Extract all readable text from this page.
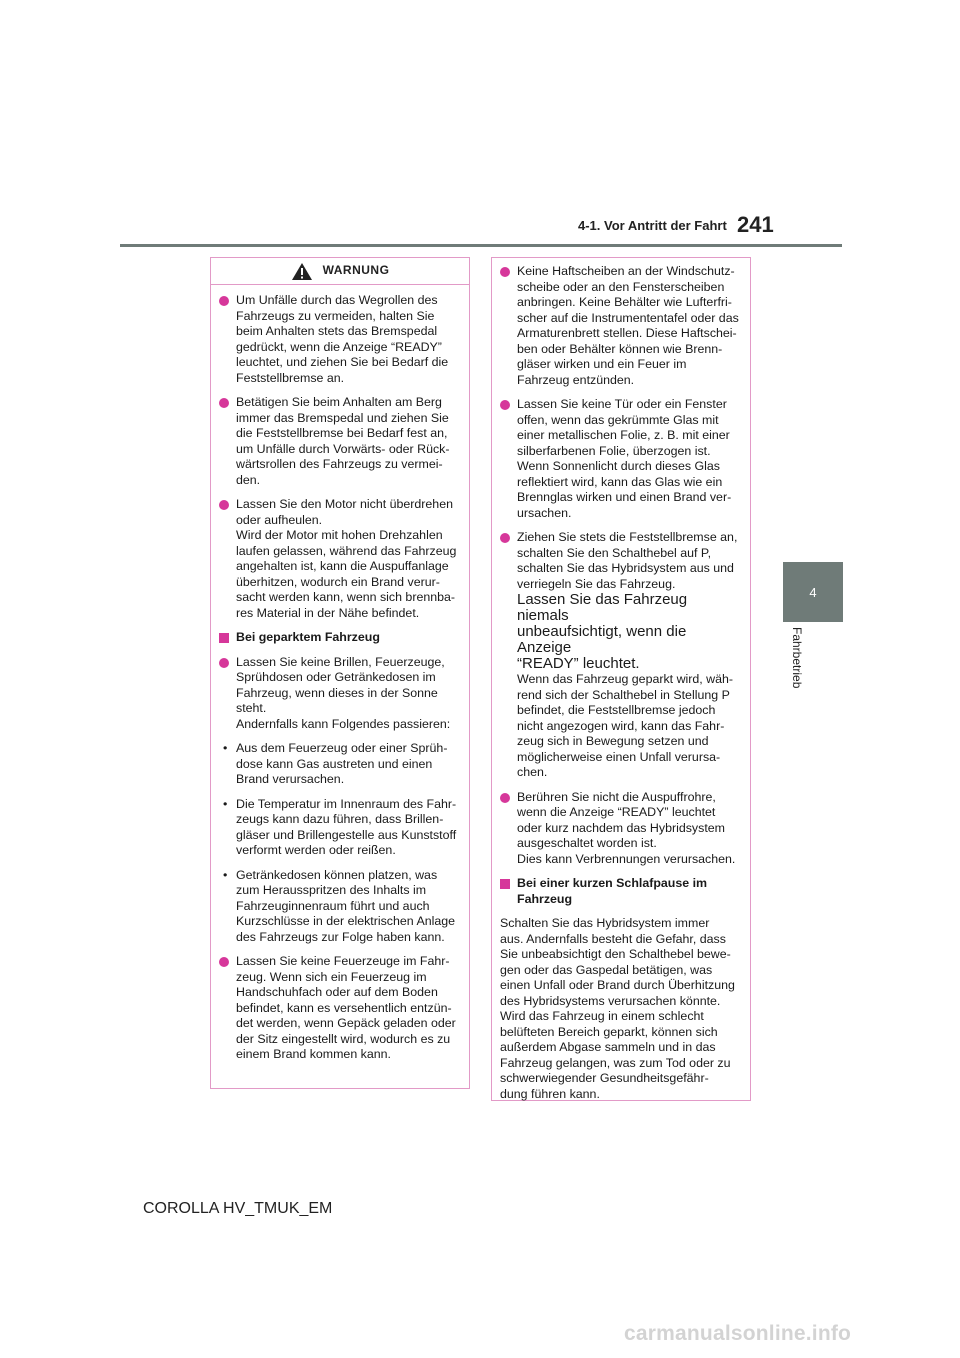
4-1. Vor Antritt der Fahrt 241
4
Fahrbetrieb
WARNUNG
Um Unfälle durch das Wegrollen des
Fahrzeugs zu vermeiden, halten Sie
beim Anhalten stets das Bremspedal
gedrückt, wenn die Anzeige “READY”
leuchtet, und ziehen Sie bei Bedarf die
Feststellbremse an.
Betätigen Sie beim Anhalten am Berg
immer das Bremspedal und ziehen Sie
die Feststellbremse bei Bedarf fest an,
um Unfälle durch Vorwärts- oder Rück-
wärtsrollen des Fahrzeugs zu vermei-
den.
Lassen Sie den Motor nicht überdrehen
oder aufheulen.
Wird der Motor mit hohen Drehzahlen
laufen gelassen, während das Fahrzeug
angehalten ist, kann die Auspuffanlage
überhitzen, wodurch ein Brand verur-
sacht werden kann, wenn sich brennba-
res Material in der Nähe befindet.
Bei geparktem Fahrzeug
Lassen Sie keine Brillen, Feuerzeuge,
Sprühdosen oder Getränkedosen im
Fahrzeug, wenn dieses in der Sonne
steht.
Andernfalls kann Folgendes passieren:
• Aus dem Feuerzeug oder einer Sprüh-
dose kann Gas austreten und einen
Brand verursachen.
• Die Temperatur im Innenraum des Fahr-
zeugs kann dazu führen, dass Brillen-
gläser und Brillengestelle aus Kunststoff
verformt werden oder reißen.
• Getränkedosen können platzen, was
zum Herausspritzen des Inhalts im
Fahrzeuginnenraum führt und auch
Kurzschlüsse in der elektrischen Anlage
des Fahrzeugs zur Folge haben kann.
Lassen Sie keine Feuerzeuge im Fahr-
zeug. Wenn sich ein Feuerzeug im
Handschuhfach oder auf dem Boden
befindet, kann es versehentlich entzün-
det werden, wenn Gepäck geladen oder
der Sitz eingestellt wird, wodurch es zu
einem Brand kommen kann.
Keine Haftscheiben an der Windschutz-
scheibe oder an den Fensterscheiben
anbringen. Keine Behälter wie Lufterfri-
scher auf die Instrumententafel oder das
Armaturenbrett stellen. Diese Haftschei-
ben oder Behälter können wie Brenn-
gläser wirken und ein Feuer im
Fahrzeug entzünden.
Lassen Sie keine Tür oder ein Fenster
offen, wenn das gekrümmte Glas mit
einer metallischen Folie, z. B. mit einer
silberfarbenen Folie, überzogen ist.
Wenn Sonnenlicht durch dieses Glas
reflektiert wird, kann das Glas wie ein
Brennglas wirken und einen Brand ver-
ursachen.
Ziehen Sie stets die Feststellbremse an,
schalten Sie den Schalthebel auf P,
schalten Sie das Hybridsystem aus und
verriegeln Sie das Fahrzeug.
Lassen Sie das Fahrzeug niemals
unbeaufsichtigt, wenn die Anzeige
“READY” leuchtet.
Wenn das Fahrzeug geparkt wird, wäh-
rend sich der Schalthebel in Stellung P
befindet, die Feststellbremse jedoch
nicht angezogen wird, kann das Fahr-
zeug sich in Bewegung setzen und
möglicherweise einen Unfall verursa-
chen.
Berühren Sie nicht die Auspuffrohre,
wenn die Anzeige “READY” leuchtet
oder kurz nachdem das Hybridsystem
ausgeschaltet worden ist.
Dies kann Verbrennungen verursachen.
Bei einer kurzen Schlafpause im
Fahrzeug
Schalten Sie das Hybridsystem immer
aus. Andernfalls besteht die Gefahr, dass
Sie unbeabsichtigt den Schalthebel bewe-
gen oder das Gaspedal betätigen, was
einen Unfall oder Brand durch Überhitzung
des Hybridsystems verursachen könnte.
Wird das Fahrzeug in einem schlecht
belüfteten Bereich geparkt, können sich
außerdem Abgase sammeln und in das
Fahrzeug gelangen, was zum Tod oder zu
schwerwiegender Gesundheitsgefähr-
dung führen kann.
COROLLA HV_TMUK_EM
carmanualsonline.info
